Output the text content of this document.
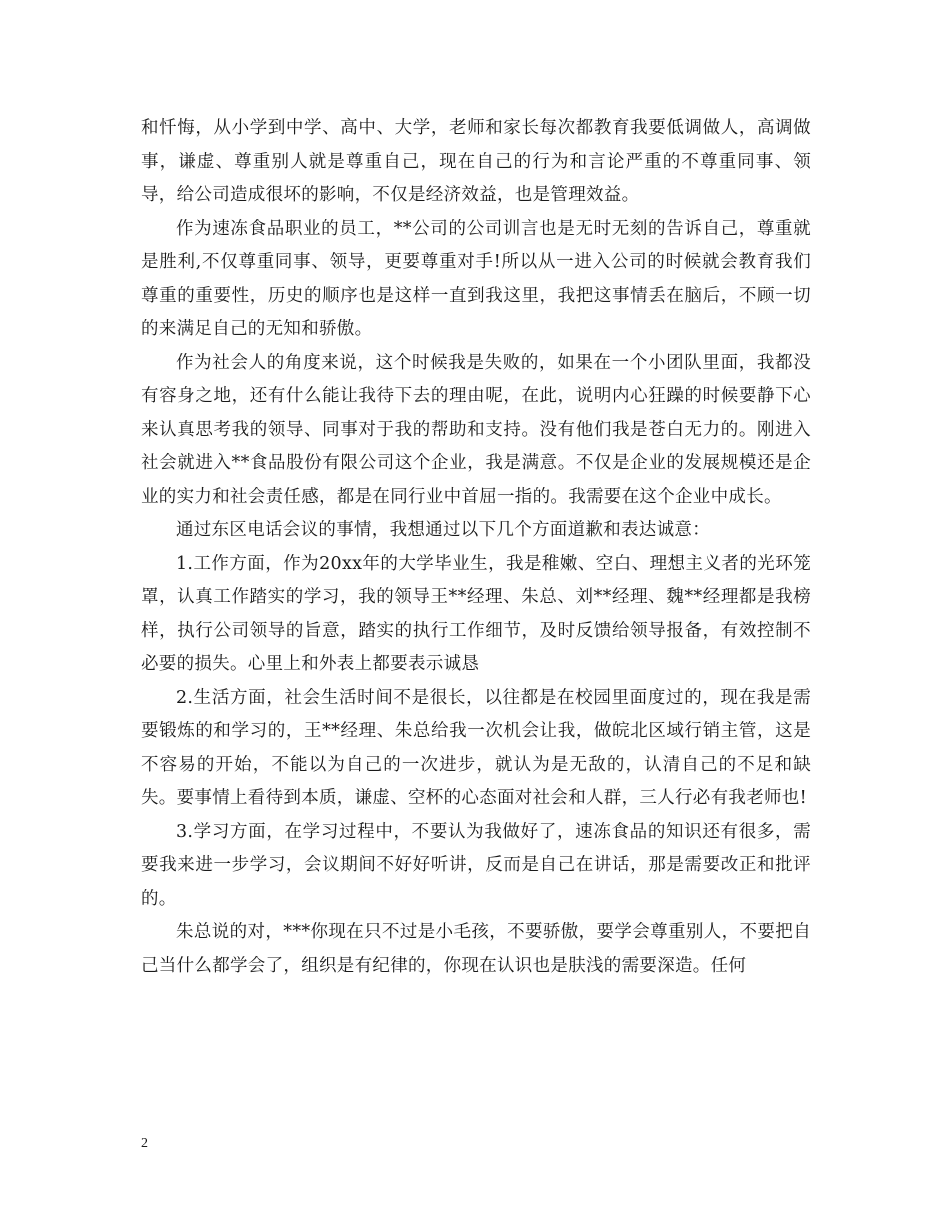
和忏悔，从小学到中学、高中、大学，老师和家长每次都教育我要低调做人，高调做事，谦虚、尊重别人就是尊重自己，现在自己的行为和言论严重的不尊重同事、领导，给公司造成很坏的影响，不仅是经济效益，也是管理效益。

作为速冻食品职业的员工，**公司的公司训言也是无时无刻的告诉自己，尊重就是胜利,不仅尊重同事、领导，更要尊重对手!所以从一进入公司的时候就会教育我们尊重的重要性，历史的顺序也是这样一直到我这里，我把这事情丢在脑后，不顾一切的来满足自己的无知和骄傲。

作为社会人的角度来说，这个时候我是失败的，如果在一个小团队里面，我都没有容身之地，还有什么能让我待下去的理由呢，在此，说明内心狂躁的时候要静下心来认真思考我的领导、同事对于我的帮助和支持。没有他们我是苍白无力的。刚进入社会就进入**食品股份有限公司这个企业，我是满意。不仅是企业的发展规模还是企业的实力和社会责任感，都是在同行业中首屈一指的。我需要在这个企业中成长。

通过东区电话会议的事情，我想通过以下几个方面道歉和表达诚意：

1.工作方面，作为20xx年的大学毕业生，我是稚嫩、空白、理想主义者的光环笼罩，认真工作踏实的学习，我的领导王**经理、朱总、刘**经理、魏**经理都是我榜样，执行公司领导的旨意，踏实的执行工作细节，及时反馈给领导报备，有效控制不必要的损失。心里上和外表上都要表示诚恳

2.生活方面，社会生活时间不是很长，以往都是在校园里面度过的，现在我是需要锻炼的和学习的，王**经理、朱总给我一次机会让我，做皖北区域行销主管，这是不容易的开始，不能以为自己的一次进步，就认为是无敌的，认清自己的不足和缺失。要事情上看待到本质，谦虚、空杯的心态面对社会和人群，三人行必有我老师也!

3.学习方面，在学习过程中，不要认为我做好了，速冻食品的知识还有很多，需要我来进一步学习，会议期间不好好听讲，反而是自己在讲话，那是需要改正和批评的。

朱总说的对，***你现在只不过是小毛孩，不要骄傲，要学会尊重别人，不要把自己当什么都学会了，组织是有纪律的，你现在认识也是肤浅的需要深造。任何

2
